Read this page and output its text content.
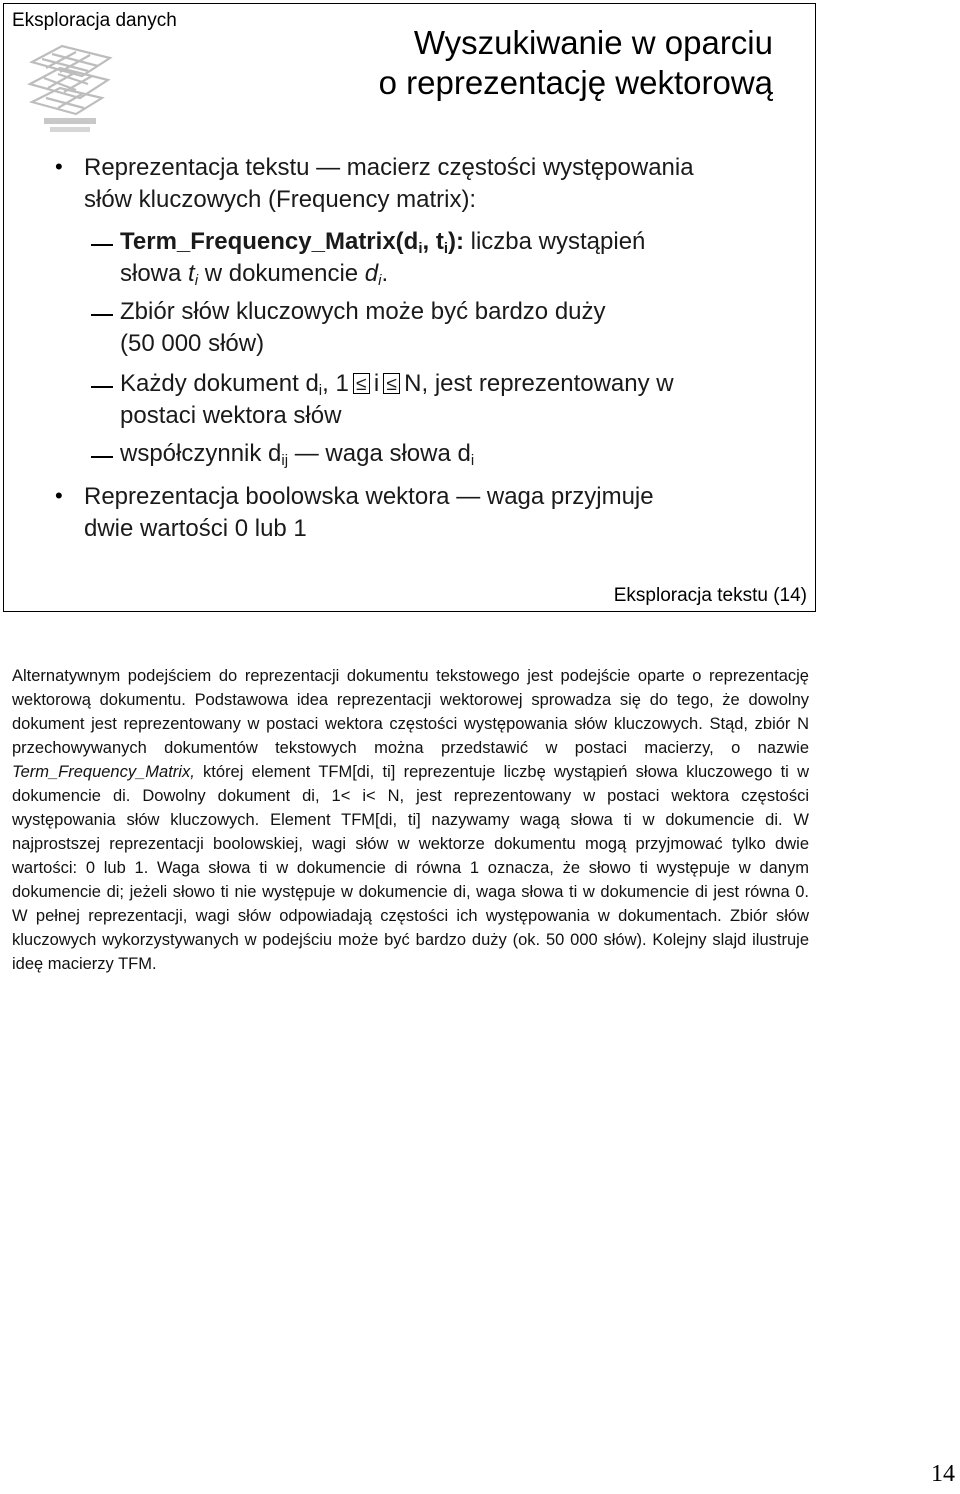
Eksploracja danych
Wyszukiwanie w oparciu
o reprezentację wektorową
• Reprezentacja tekstu — macierz częstości występowania
słów kluczowych (Frequency matrix):
$Term\_Frequency\_Matrix(d_i$, $t_i$): liczba wystąpień
słowa $t_i$ w dokumencie $d_i$.
Zbiór słów kluczowych może być bardzo duży
(50 000 słów)
Każdy dokument $d_i$, 1 ≤ i ≤ N, jest reprezentowany w
postaci wektora słów
współczynnik $d_{ij}$ — waga słowa $d_i$
• Reprezentacja boolowska wektora — waga przyjmuje
dwie wartości 0 lub 1
Eksploracja tekstu (14)
Alternatywnym podejściem do reprezentacji dokumentu tekstowego jest podejście oparte o reprezentację wektorową dokumentu. Podstawowa idea reprezentacji wektorowej sprowadza się do tego, że dowolny dokument jest reprezentowany w postaci wektora częstości występowania słów kluczowych. Stąd, zbiór N przechowywanych dokumentów tekstowych można przedstawić w postaci macierzy, o nazwie Term_Frequency_Matrix, której element TFM[di, ti] reprezentuje liczbę wystąpień słowa kluczowego ti w dokumencie di. Dowolny dokument di, 1< i< N, jest reprezentowany w postaci wektora częstości występowania słów kluczowych. Element TFM[di, ti] nazywamy wagą słowa ti w dokumencie di. W najprostszej reprezentacji boolowskiej, wagi słów w wektorze dokumentu mogą przyjmować tylko dwie wartości: 0 lub 1. Waga słowa ti w dokumencie di równa 1 oznacza, że słowo ti występuje w danym dokumencie di; jeżeli słowo ti nie występuje w dokumencie di, waga słowa ti w dokumencie di jest równa 0. W pełnej reprezentacji, wagi słów odpowiadają częstości ich występowania w dokumentach. Zbiór słów kluczowych wykorzystywanych w podejściu może być bardzo duży (ok. 50 000 słów). Kolejny slajd ilustruje ideę macierzy TFM.
14
